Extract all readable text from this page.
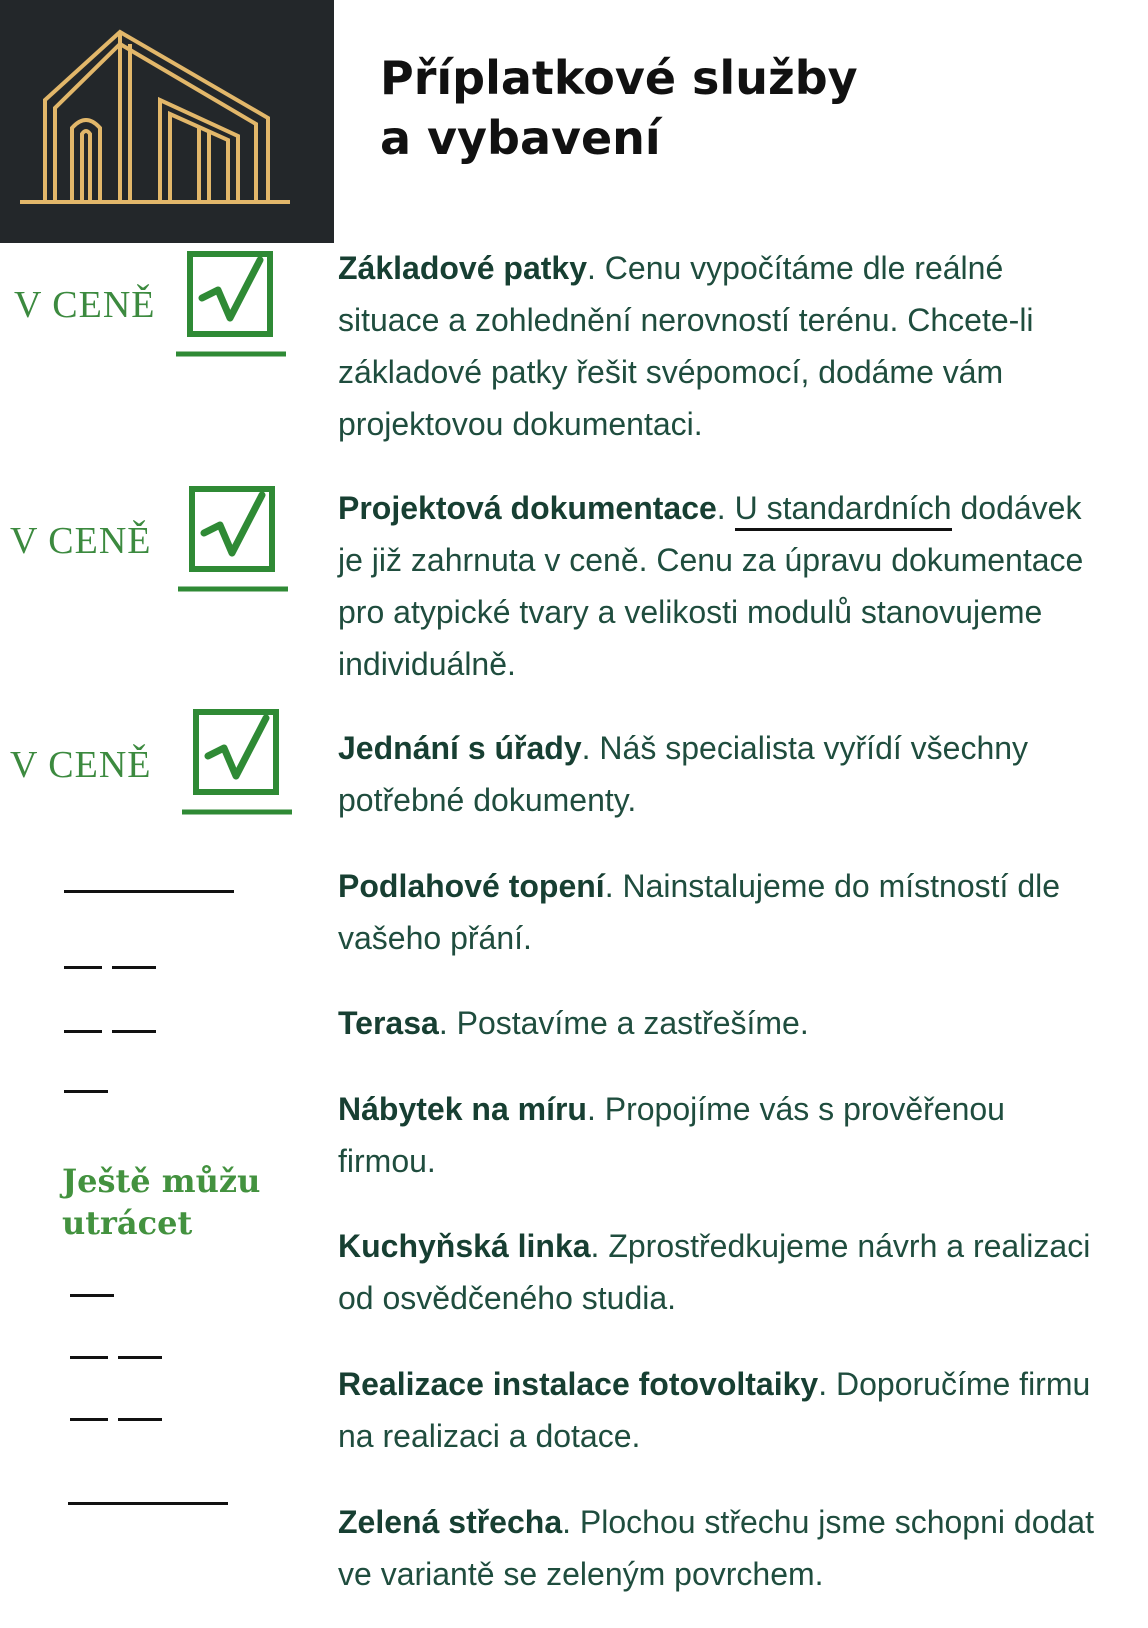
Příplatkové služby
a vybavení
V CENĚ
V CENĚ
V CENĚ
Ještě můžu
utrácet
Základové patky. Cenu vypočítáme dle reálné situace a zohlednění nerovností terénu. Chcete-li základové patky řešit svépomocí, dodáme vám projektovou dokumentaci.
Projektová dokumentace. U standardních dodávek je již zahrnuta v ceně. Cenu za úpravu dokumentace pro atypické tvary a velikosti modulů stanovujeme individuálně.
Jednání s úřady. Náš specialista vyřídí všechny potřebné dokumenty.
Podlahové topení. Nainstalujeme do místností dle vašeho přání.
Terasa. Postavíme a zastřešíme.
Nábytek na míru. Propojíme vás s prověřenou firmou.
Kuchyňská linka. Zprostředkujeme návrh a realizaci od osvědčeného studia.
Realizace instalace fotovoltaiky. Doporučíme firmu na realizaci a dotace.
Zelená střecha. Plochou střechu jsme schopni dodat ve variantě se zeleným povrchem.
